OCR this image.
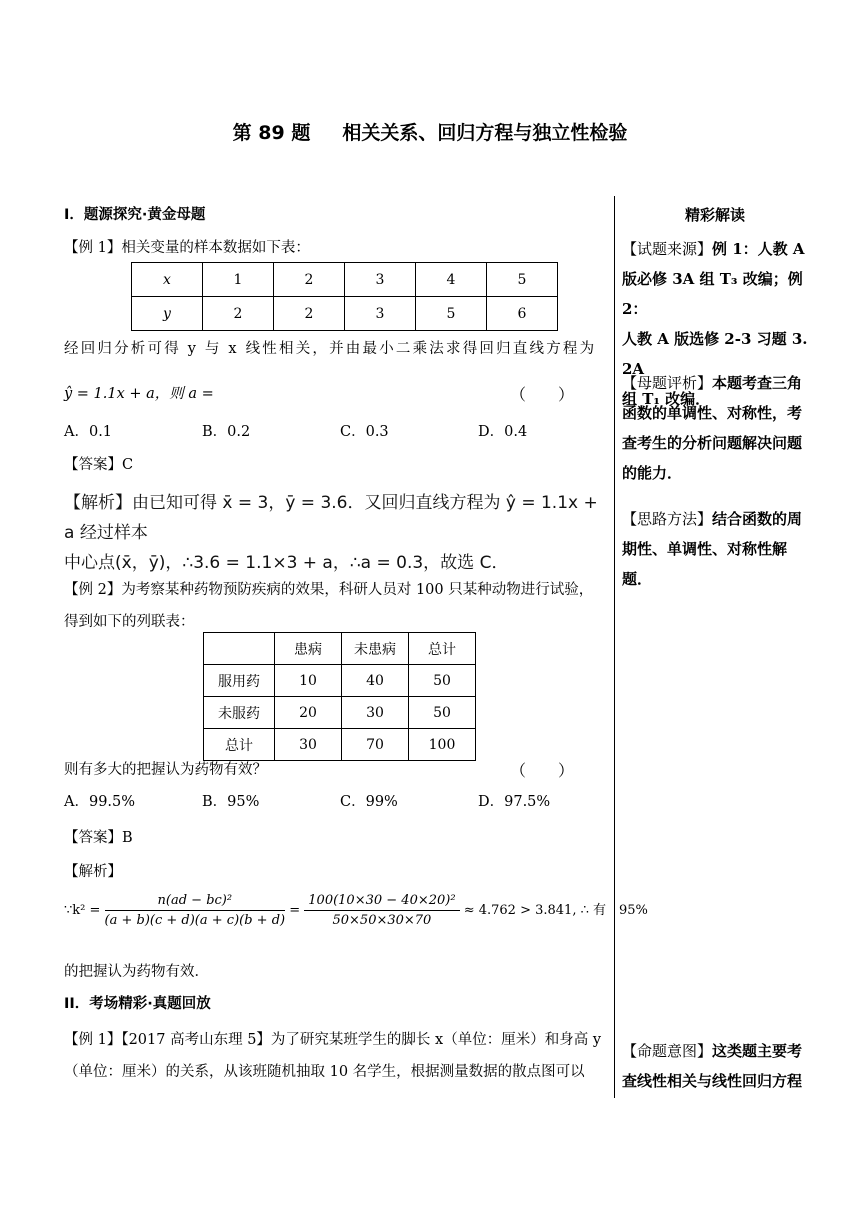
第 89 题 相关关系、回归方程与独立性检验
I．题源探究·黄金母题
【例 1】相关变量的样本数据如下表：
x	1	2	3	4	5
y	2	2	3	5	6
经回归分析可得 y 与 x 线性相关，并由最小二乘法求得回归直线方程为
ŷ = 1.1x + a，则 a =	（　　）
A．0.1	B．0.2	C．0.3	D．0.4
【答案】C

【解析】由已知可得 x̄ = 3，ȳ = 3.6．又回归直线方程为 ŷ = 1.1x + a 经过样本
中心点(x̄，ȳ)，∴3.6 = 1.1×3 + a，∴a = 0.3，故选 C．
【例 2】为考察某种药物预防疾病的效果，科研人员对 100 只某种动物进行试验，
得到如下的列联表：
	患病	未患病	总计
服用药	10	40	50
未服药	20	30	50
总计	30	70	100
则有多大的把握认为药物有效？	（　　）
A．99.5%	B．95%	C．99%	D．97.5%
【答案】B
【解析】
∵k² = $\frac{\text{n(ad − bc)²}}{(a + b)(c + d)(a + c)(b + d)} = \frac{\text{100(10×30 − 40×20)²}}{50\times 50\times 30\times 70} \approx 4.762 > 3.841$, ∴ 有　95%
的把握认为药物有效．
II．考场精彩·真题回放
【例 1】【2017 高考山东理 5】为了研究某班学生的脚长 x（单位：厘米）和身高 y
（单位：厘米）的关系，从该班随机抽取 10 名学生，根据测量数据的散点图可以
精彩解读
【试题来源】例 1：人教 A
版必修 3A 组 T₃ 改编；例 2：
人教 A 版选修 2-3 习题 3. 2A
组 T₁ 改编．
【母题评析】本题考查三角
函数的单调性、对称性，考
查考生的分析问题解决问题
的能力．
【思路方法】结合函数的周
期性、单调性、对称性解题．
【命题意图】这类题主要考
查线性相关与线性回归方程
